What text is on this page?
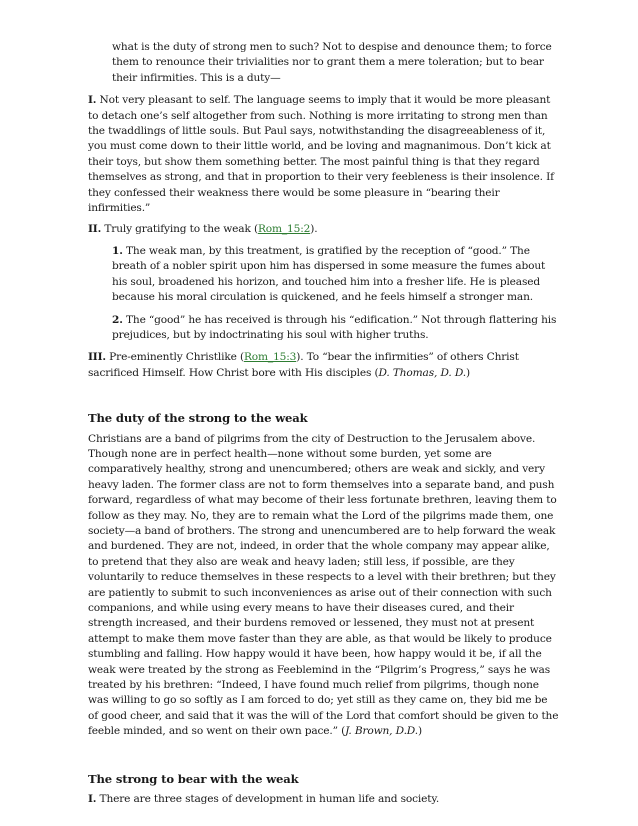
what is the duty of strong men to such? Not to despise and denounce them; to force them to renounce their trivialities nor to grant them a mere toleration; but to bear their infirmities. This is a duty—

I. Not very pleasant to self. The language seems to imply that it would be more pleasant to detach one’s self altogether from such. Nothing is more irritating to strong men than the twaddlings of little souls. But Paul says, notwithstanding the disagreeableness of it, you must come down to their little world, and be loving and magnanimous. Don’t kick at their toys, but show them something better. The most painful thing is that they regard themselves as strong, and that in proportion to their very feebleness is their insolence. If they confessed their weakness there would be some pleasure in “bearing their infirmities.”

II. Truly gratifying to the weak (Rom_15:2).

1. The weak man, by this treatment, is gratified by the reception of “good.” The breath of a nobler spirit upon him has dispersed in some measure the fumes about his soul, broadened his horizon, and touched him into a fresher life. He is pleased because his moral circulation is quickened, and he feels himself a stronger man.

2. The “good” he has received is through his “edification.” Not through flattering his prejudices, but by indoctrinating his soul with higher truths.

III. Pre-eminently Christlike (Rom_15:3). To “bear the infirmities” of others Christ sacrificed Himself. How Christ bore with His disciples (D. Thomas, D. D.)

The duty of the strong to the weak

Christians are a band of pilgrims from the city of Destruction to the Jerusalem above. Though none are in perfect health—none without some burden, yet some are comparatively healthy, strong and unencumbered; others are weak and sickly, and very heavy laden. The former class are not to form themselves into a separate band, and push forward, regardless of what may become of their less fortunate brethren, leaving them to follow as they may. No, they are to remain what the Lord of the pilgrims made them, one society—a band of brothers. The strong and unencumbered are to help forward the weak and burdened. They are not, indeed, in order that the whole company may appear alike, to pretend that they also are weak and heavy laden; still less, if possible, are they voluntarily to reduce themselves in these respects to a level with their brethren; but they are patiently to submit to such inconveniences as arise out of their connection with such companions, and while using every means to have their diseases cured, and their strength increased, and their burdens removed or lessened, they must not at present attempt to make them move faster than they are able, as that would be likely to produce stumbling and falling. How happy would it have been, how happy would it be, if all the weak were treated by the strong as Feeblemind in the “Pilgrim’s Progress,” says he was treated by his brethren: “Indeed, I have found much relief from pilgrims, though none was willing to go so softly as I am forced to do; yet still as they came on, they bid me be of good cheer, and said that it was the will of the Lord that comfort should be given to the feeble minded, and so went on their own pace.” (J. Brown, D.D.)

The strong to bear with the weak

I. There are three stages of development in human life and society.
